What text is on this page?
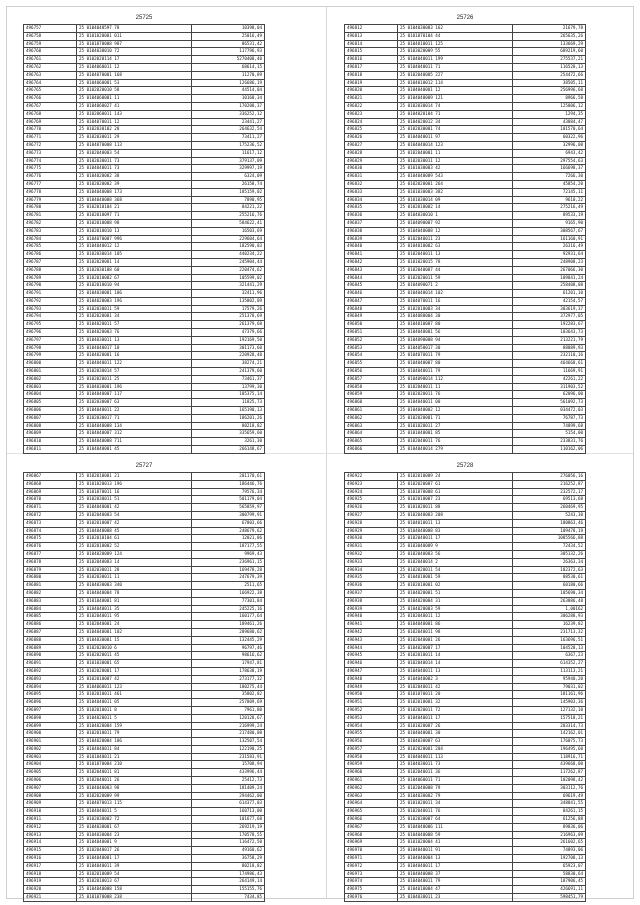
25725
496757	25 0104048597 78	10398,04
496758	25 0101020001 011	25016,49
496759	25 0101070008 987	86531,42
496760	25 0104030010 72	117796,93
496761	25 0102020114 17	5270408,40
496762	25 0104060011 12	68614,15
496763	25 0104070001 168	11270,89
496764	25 0104060001 53	126686,19
496765	25 0102020010 58	44514,04
496766	25 0104060001 11	10168,34
496767	25 0104060027 41	170208,37
496768	25 0102060011 143	336252,12
496769	25 0104070011 12	23441,27
496770	25 0102030102 28	264632,54
496771	25 0102030011 29	73411,27
496772	25 0104070008 113	175236,52
496773	25 0102040003 54	11617,12
496774	25 0102030011 73	379137,09
496775	25 0104040011 73	329997,19
496776	25 0104020002 38	6324,09
496777	25 0102020002 39	26158,74
496778	25 0104040008 173	185159,02
496779	25 0104040008 368	7890,95
496780	25 0102010104 21	84221,22
496781	25 0102010097 71	255216,76
496782	25 0102010008 98	584622,41
496783	25 0102010010 13	16503,69
496784	25 0104070007 996	229604,64
496785	25 0104040012 12	182590,03
496786	25 0102030014 105	440234,22
496787	25 0102020081 14	245904,44
496788	25 0102030108 60	220474,62
496789	25 0102010002 67	105599,02
496790	25 0102010010 94	321441,29
496791	25 0104030001 106	32411,96
496792	25 0104020003 196	135802,09
496793	25 0102030011 59	17579,26
496794	25 0102020001 34	251378,69
496795	25 0104020011 57	261379,68
496796	25 0104020003 76	47379,66
496797	25 0104030011 13	192169,50
496798	25 0104040017 10	301173,60
496799	25 0104020001 16	220928,48
496800	25 0104040011 122	38274,21
496801	25 0102030014 57	241379,60
496802	25 0102020011 25	73461,37
496803	25 0104030001 196	13799,30
496804	25 0104040007 117	185375,14
496805	25 0102030007 63	11825,73
496806	25 0104040011 22	165190,13
496807	25 0102030017 71	186201,26
496808	25 0104040008 134	80218,82
496809	25 0104040007 312	335659,60
496810	25 0104040008 711	3261,30
496811	25 0104040001 45	266148,67
25726
496812	25 0104030003 162	21679,78
496813	25 0101070104 44	265635,26
496814	25 0104010011 125	133669,29
496815	25 0103020009 55	689219,60
496816	25 0104040011 199	275537,21
496817	25 0104040011 71	116528,13
496818	25 0102040005 227	254472,66
496819	25 0104010012 114	38505,11
496820	25 0104040001 12	256996,68
496821	25 0104040009 121	8966,58
496822	25 0102030014 74	125806,12
496823	25 0104020104 71	1294,35
496824	25 0104020012 34	43884,47
496825	25 0102030001 74	101570,64
496826	25 0104040011 97	60322,96
496827	25 0104040014 123	32996,08
496828	25 0102040001 11	6943,42
496829	25 0102030011 12	297554,63
496830	25 0101030003 42	166698,37
496831	25 0104040009 543	7266,30
496832	25 0102020001 264	45854,20
496833	25 0101030003 382	72145,11
496834	25 0101030014 09	9610,22
496835	25 0102010002 14	275216,49
496836	25 0104030010 1	89533,19
496837	25 0104090007 92	9165,90
496838	25 0104040008 12	308567,67
496839	25 0102040011 23	161160,91
496840	25 0104010002 63	26316,49
496841	25 0102040011 13	92931,64
496842	25 0101020015 78	248908,23
496843	25 0102040007 44	267066,30
496844	25 0102020011 59	109841,24
496845	25 0104090071 2	258408,08
496846	25 0104040014 102	61201,10
496847	25 0104070011 16	42154,57
496848	25 0102010003 34	303619,37
496849	25 0104080004 30	372977,05
496850	25 0104010007 80	192283,67
496851	25 0104040001 56	103643,73
496852	25 0104090008 94	213221,79
496853	25 0104050017 30	88889,93
496854	25 0104070011 79	232110,16
496855	25 0104040007 80	464668,61
496856	25 0104040011 79	11669,91
496857	25 0104090014 112	42261,22
496858	25 0102040011 11	311903,52
496859	25 0102020011 76	62096,00
496860	25 0104040011 00	561092,73
496861	25 0104040002 12	034472,03
496862	25 0102020001 71	76787,73
496863	25 0101020011 27	74899,68
496864	25 0101040001 85	5154,00
496865	25 0102040011 76	233831,76
496866	25 0104040014 279	110162,06
25727
496867	25 0102010001 21	201170,61
496868	25 0101020013 196	186446,76
496869	25 0101070011 16	79576,34
496870	25 0102030011 51	501179,04
496871	25 0104040001 42	565859,97
496872	25 0102040003 54	300799,91
496873	25 0102010007 42	67803,66
496874	25 0104040008 45	248679,62
496875	25 0102010104 61	12021,86
496876	25 0102010002 52	187177,55
496877	25 0104020009 124	9969,43
496878	25 0102040003 14	236961,15
496879	25 0102030011 28	169478,28
496880	25 0102030011 11	247679,39
496881	25 0104030003 340	2511,65
496882	25 0104040004 78	166922,38
496883	25 0101040001 81	77301,84
496884	25 0104040011 35	245225,16
496885	25 0102040011 95	160177,64
496886	25 0102040001 24	189461,26
496887	25 0104040001 102	289680,62
496888	25 0104030001 15	132445,29
496889	25 0102020010 6	96797,46
496890	25 0102020011 45	98616,62
496891	25 0101030001 65	17947,81
496892	25 0102020001 17	178638,19
496893	25 0102010007 42	273177,32
496894	25 0104060011 123	180275,44
496895	25 0102010011 461	35802,82
496896	25 0104040011 05	257809,69
496897	25 0102010011 8	7961,80
496898	25 0104020011 5	120128,67
496899	25 0104020004 159	216999,24
496900	25 0102010011 79	217480,08
496901	25 0104020004 106	132507,54
496902	25 0104040011 84	122190,25
496903	25 0101040011 21	231583,91
496904	25 0101070004 210	15708,94
496905	25 0102040011 81	433996,44
496906	25 0102040011 26	25412,73
496907	25 0104040003 98	181409,24
496908	25 0102020009 99	294462,00
496909	25 0104070013 115	614377,03
496910	25 0104040011 5	160713,00
496911	25 0102030002 72	101677,68
496912	25 0104030001 67	269219,19
496913	25 0104030004 23	170578,55
496914	25 0104040001 9	116472,50
496915	25 0102040017 26	49160,62
496916	25 0104040001 17	36758,29
496917	25 0104040011 39	80218,82
496918	25 0102010009 54	174986,43
496919	25 0102010013 67	264149,14
496920	25 0104040008 158	155155,76
496921	25 0101070008 238	7434,85
25728
496922	25 0102010009 24	276056,16
496923	25 0102020007 61	216252,87
496924	25 0101070008 61	232572,17
496925	25 0102010007 23	69513,68
496926	25 0101020011 88	260469,95
496927	25 0102040003 208	5243,30
496928	25 0104010011 13	180863,46
496929	25 0104040008 83	109478,19
496930	25 0102040011 17	1085566,88
496931	25 0103040009 9	72434,52
496932	25 0102040003 56	305132,26
496933	25 0102040014 2	26363,34
496934	25 0102020011 54	182372,63
496935	25 0104010001 59	88530,61
496936	25 0102010001 02	60180,66
496937	25 0104020001 51	105690,34
496938	25 0104020004 31	263886,48
496939	25 0104020003 59	1,00162
496940	25 0102040011 12	306288,93
496941	25 0104040001 86	16239,82
496942	25 0102040011 98	231713,32
496943	25 0102040001 26	163696,51
496944	25 0104020007 17	104528,13
496945	25 0102010011 14	6367,23
496946	25 0102040014 14	614352,27
496947	25 0104040011 13	113113,21
496948	25 0104040002 3	95940,20
496949	25 0102040011 42	79031,02
496950	25 0101070011 20	181161,96
496951	25 0102010001 32	145903,36
496952	25 0102020011 72	127132,10
496953	25 0104040011 17	157518,21
496954	25 0101020007 26	203314,73
496955	25 0104040001 30	142162,01
496956	25 0104030007 63	176075,73
496957	25 0102020001 204	196495,60
496958	25 0104040011 113	118916,71
496959	25 0104030011 73	439668,00
496960	25 0102040011 36	117262,87
496961	25 0104060011 71	102098,42
496962	25 0102040008 79	303112,76
496963	25 0104030002 79	69619,49
496964	25 0101020011 34	348841,55
496965	25 0102040011 76	84261,15
496966	25 0102030007 64	61256,88
496967	25 0104040006 111	89836,06
496968	25 0104040008 59	216963,09
496969	25 0101020004 41	261602,65
496970	25 0104040011 91	74893,06
496971	25 0104040004 13	192708,13
496972	25 0104040011 17	65923,07
496973	25 0104040008 37	58830,64
496974	25 0104040011 79	187906,45
496975	25 0104010004 47	426691,11
496976	25 0104030011 23	598451,79
